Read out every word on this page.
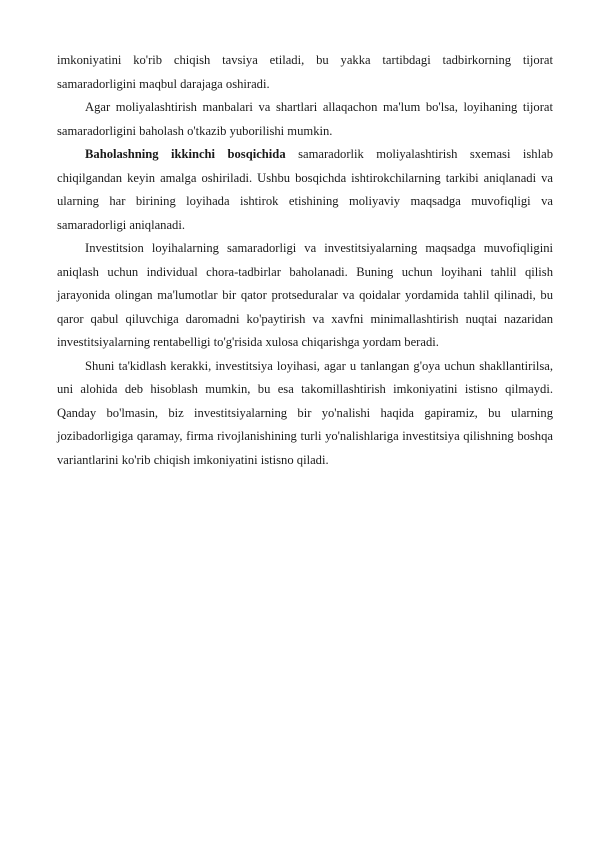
imkoniyatini ko'rib chiqish tavsiya etiladi, bu yakka tartibdagi tadbirkorning tijorat samaradorligini maqbul darajaga oshiradi.

Agar moliyalashtirish manbalari va shartlari allaqachon ma'lum bo'lsa, loyihaning tijorat samaradorligini baholash o'tkazib yuborilishi mumkin.

Baholashning ikkinchi bosqichida samaradorlik moliyalashtirish sxemasi ishlab chiqilgandan keyin amalga oshiriladi. Ushbu bosqichda ishtirokchilarning tarkibi aniqlanadi va ularning har birining loyihada ishtirok etishining moliyaviy maqsadga muvofiqligi va samaradorligi aniqlanadi.

Investitsion loyihalarning samaradorligi va investitsiyalarning maqsadga muvofiqligini aniqlash uchun individual chora-tadbirlar baholanadi. Buning uchun loyihani tahlil qilish jarayonida olingan ma'lumotlar bir qator protseduralar va qoidalar yordamida tahlil qilinadi, bu qaror qabul qiluvchiga daromadni ko'paytirish va xavfni minimallashtirish nuqtai nazaridan investitsiyalarning rentabelligi to'g'risida xulosa chiqarishga yordam beradi.

Shuni ta'kidlash kerakki, investitsiya loyihasi, agar u tanlangan g'oya uchun shakllantirilsa, uni alohida deb hisoblash mumkin, bu esa takomillashtirish imkoniyatini istisno qilmaydi. Qanday bo'lmasin, biz investitsiyalarning bir yo'nalishi haqida gapiramiz, bu ularning jozibadorligiga qaramay, firma rivojlanishining turli yo'nalishlariga investitsiya qilishning boshqa variantlarini ko'rib chiqish imkoniyatini istisno qiladi.
